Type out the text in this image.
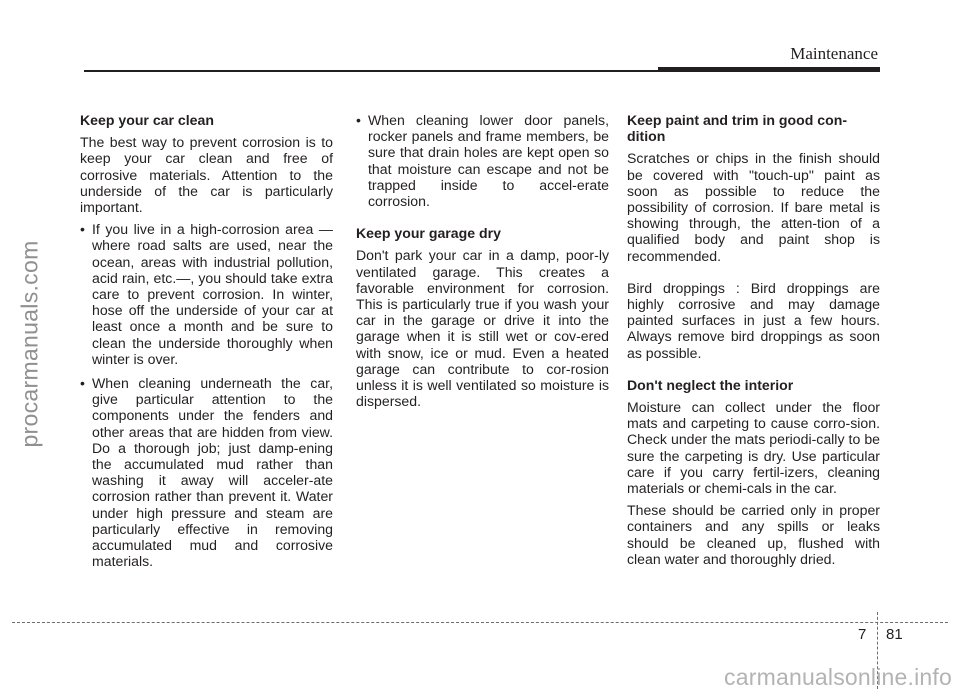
Maintenance
procarmanuals.com
Keep your car clean

The best way to prevent corrosion is to keep your car clean and free of corrosive materials. Attention to the underside of the car is particularly important.

• If you live in a high-corrosion area — where road salts are used, near the ocean, areas with industrial pollution, acid rain, etc.—, you should take extra care to prevent corrosion. In winter, hose off the underside of your car at least once a month and be sure to clean the underside thoroughly when winter is over.
• When cleaning underneath the car, give particular attention to the components under the fenders and other areas that are hidden from view. Do a thorough job; just damp-ening the accumulated mud rather than washing it away will acceler-ate corrosion rather than prevent it. Water under high pressure and steam are particularly effective in removing accumulated mud and corrosive materials.
• When cleaning lower door panels, rocker panels and frame members, be sure that drain holes are kept open so that moisture can escape and not be trapped inside to accel-erate corrosion.
Keep your garage dry

Don't park your car in a damp, poor-ly ventilated garage. This creates a favorable environment for corrosion. This is particularly true if you wash your car in the garage or drive it into the garage when it is still wet or cov-ered with snow, ice or mud. Even a heated garage can contribute to cor-rosion unless it is well ventilated so moisture is dispersed.

Keep paint and trim in good con-dition

Scratches or chips in the finish should be covered with "touch-up" paint as soon as possible to reduce the possibility of corrosion. If bare metal is showing through, the atten-tion of a qualified body and paint shop is recommended.

Bird droppings : Bird droppings are highly corrosive and may damage painted surfaces in just a few hours. Always remove bird droppings as soon as possible.

Don't neglect the interior

Moisture can collect under the floor mats and carpeting to cause corro-sion. Check under the mats periodi-cally to be sure the carpeting is dry. Use particular care if you carry fertil-izers, cleaning materials or chemi-cals in the car.

These should be carried only in proper containers and any spills or leaks should be cleaned up, flushed with clean water and thoroughly dried.

7 81
carmanualsonline.info
